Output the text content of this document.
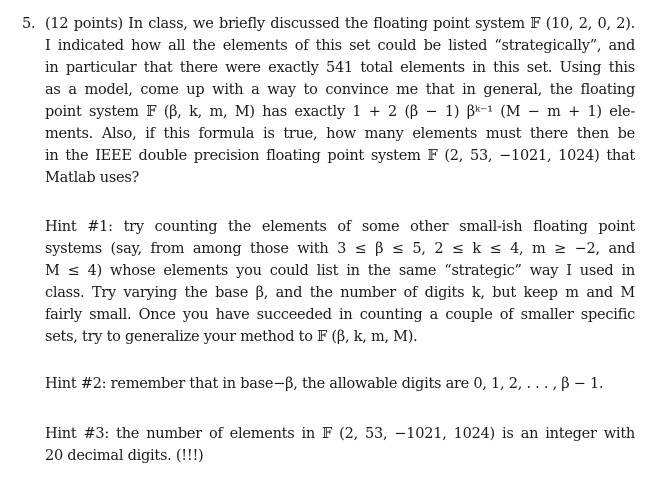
5. (12 points) In class, we briefly discussed the floating point system 𝔽 (10, 2, 0, 2).
I indicated how all the elements of this set could be listed “strategically”, and
in particular that there were exactly 541 total elements in this set. Using this
as a model, come up with a way to convince me that in general, the floating
point system 𝔽 (β, k, m, M) has exactly 1 + 2 (β − 1) βᵏ⁻¹ (M − m + 1) ele-
ments. Also, if this formula is true, how many elements must there then be
in the IEEE double precision floating point system 𝔽 (2, 53, −1021, 1024) that
Matlab uses?
Hint #1: try counting the elements of some other small-ish floating point
systems (say, from among those with 3 ≤ β ≤ 5, 2 ≤ k ≤ 4, m ≥ −2, and
M ≤ 4) whose elements you could list in the same “strategic” way I used in
class. Try varying the base β, and the number of digits k, but keep m and M
fairly small. Once you have succeeded in counting a couple of smaller specific
sets, try to generalize your method to 𝔽 (β, k, m, M).
Hint #2: remember that in base−β, the allowable digits are 0, 1, 2, . . . , β − 1.
Hint #3: the number of elements in 𝔽 (2, 53, −1021, 1024) is an integer with
20 decimal digits. (!!!)
